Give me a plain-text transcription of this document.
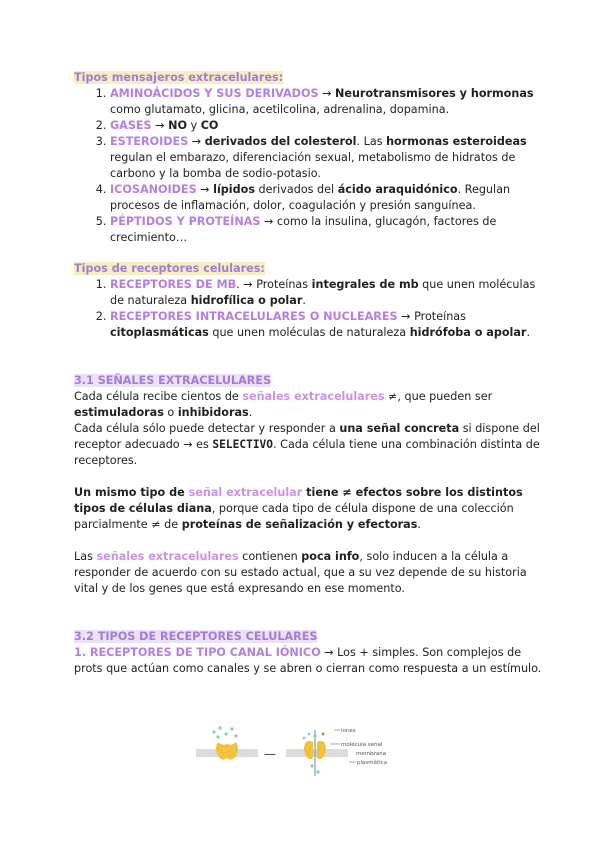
Tipos mensajeros extracelulares:
1. AMINOÁCIDOS Y SUS DERIVADOS → Neurotransmisores y hormonas como glutamato, glicina, acetilcolina, adrenalina, dopamina.
2. GASES → NO y CO
3. ESTEROIDES → derivados del colesterol. Las hormonas esteroideas regulan el embarazo, diferenciación sexual, metabolismo de hidratos de carbono y la bomba de sodio-potasio.
4. ICOSANOIDES → lípidos derivados del ácido araquidónico. Regulan procesos de inflamación, dolor, coagulación y presión sanguínea.
5. PÉPTIDOS Y PROTEÍNAS → como la insulina, glucagón, factores de crecimiento…
Tipos de receptores celulares:
1. RECEPTORES DE MB. → Proteínas integrales de mb que unen moléculas de naturaleza hidrofílica o polar.
2. RECEPTORES INTRACELULARES O NUCLEARES → Proteínas citoplasmáticas que unen moléculas de naturaleza hidrófoba o apolar.
3.1 SEÑALES EXTRACELULARES
Cada célula recibe cientos de señales extracelulares ≠, que pueden ser estimuladoras o inhibidoras.
Cada célula sólo puede detectar y responder a una señal concreta si dispone del receptor adecuado → es SELECTIVO. Cada célula tiene una combinación distinta de receptores.
Un mismo tipo de señal extracelular tiene ≠ efectos sobre los distintos tipos de células diana, porque cada tipo de célula dispone de una colección parcialmente ≠ de proteínas de señalización y efectoras.
Las señales extracelulares contienen poca info, solo inducen a la célula a responder de acuerdo con su estado actual, que a su vez depende de su historia vital y de los genes que está expresando en ese momento.
3.2 TIPOS DE RECEPTORES CELULARES
1. RECEPTORES DE TIPO CANAL IÓNICO → Los + simples. Son complejos de prots que actúan como canales y se abren o cierran como respuesta a un estímulo.
—
iones
molécula señal
membrana
plasmática
